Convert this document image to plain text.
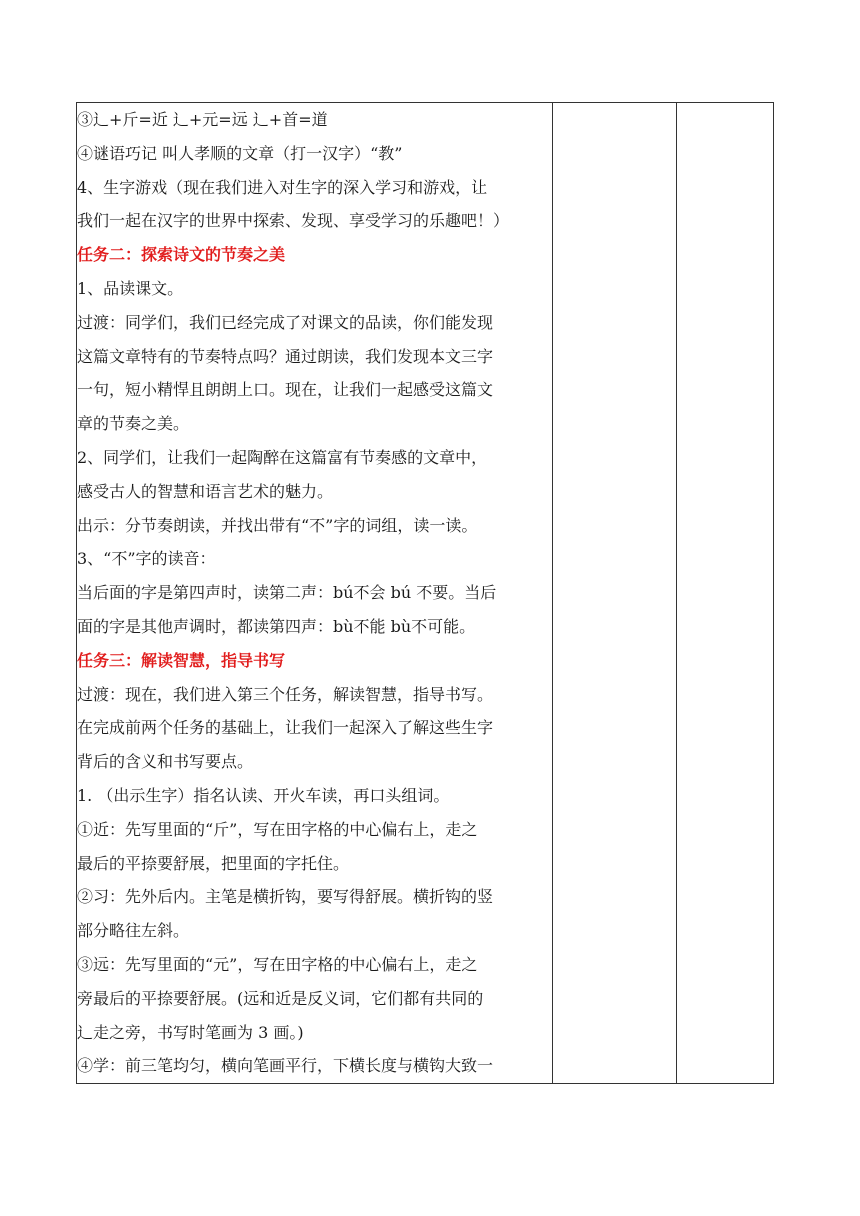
③辶+斤=近 辶+元=远 辶+首=道
④谜语巧记 叫人孝顺的文章（打一汉字）“教”
4、生字游戏（现在我们进入对生字的深入学习和游戏，让
我们一起在汉字的世界中探索、发现、享受学习的乐趣吧！）
任务二：探索诗文的节奏之美
1、品读课文。
过渡：同学们，我们已经完成了对课文的品读，你们能发现
这篇文章特有的节奏特点吗？通过朗读，我们发现本文三字
一句，短小精悍且朗朗上口。现在，让我们一起感受这篇文
章的节奏之美。
2、同学们，让我们一起陶醉在这篇富有节奏感的文章中，
感受古人的智慧和语言艺术的魅力。
出示：分节奏朗读，并找出带有“不”字的词组，读一读。
3、“不”字的读音：
当后面的字是第四声时，读第二声：bú不会 bú 不要。当后
面的字是其他声调时，都读第四声：bù不能 bù不可能。
任务三：解读智慧，指导书写
过渡：现在，我们进入第三个任务，解读智慧，指导书写。
在完成前两个任务的基础上，让我们一起深入了解这些生字
背后的含义和书写要点。
1. （出示生字）指名认读、开火车读，再口头组词。
①近：先写里面的“斤”，写在田字格的中心偏右上，走之
最后的平捺要舒展，把里面的字托住。
②习：先外后内。主笔是横折钩，要写得舒展。横折钩的竖
部分略往左斜。
③远：先写里面的“元”，写在田字格的中心偏右上，走之
旁最后的平捺要舒展。(远和近是反义词，它们都有共同的
辶走之旁，书写时笔画为 3 画。)
④学：前三笔均匀，横向笔画平行，下横长度与横钩大致一
